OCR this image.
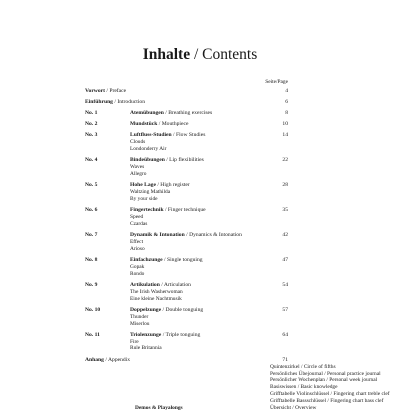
Inhalte / Contents
Seite/Page
Vorwort / Preface	4
Einführung / Introduction	6
No. 1	Atemübungen / Breathing exercises	8
No. 2	Mundstück / Mouthpiece	10
No. 3	Luftfluss-Studien / Flow Studies	14
Clouds
Londonderry Air
No. 4	Bindeübungen / Lip flexibilities	22
Waves
Allegro
No. 5	Hohe Lage / High register	28
Waltzing Mathilda
By your side
No. 6	Fingertechnik / Finger technique	35
Speed
Czardas
No. 7	Dynamik & Intonation / Dynamics & Intonation	42
Effect
Arioso
No. 8	Einfachzunge / Single tonguing	47
Gopak
Rondo
No. 9	Artikulation / Articulation	54
The Irish Washerwoman
Eine kleine Nachtmusik
No. 10	Doppelzunge / Double tonguing	57
Thunder
Miserlou
No. 11	Triolenzunge / Triple tonguing	64
Fire
Rule Britannia
Anhang / Appendix	71
Quintenzirkel / Circle of fifths
Persönliches Übejournal / Personal practice journal
Persönlicher Wochenplan / Personal week journal
Basiswissen / Basic knowledge
Grifftabelle Violinschlüssel / Fingering chart treble clef
Grifftabelle Bassschlüssel / Fingering chart bass clef
Demos & Playalongs	Übersicht / Overview
